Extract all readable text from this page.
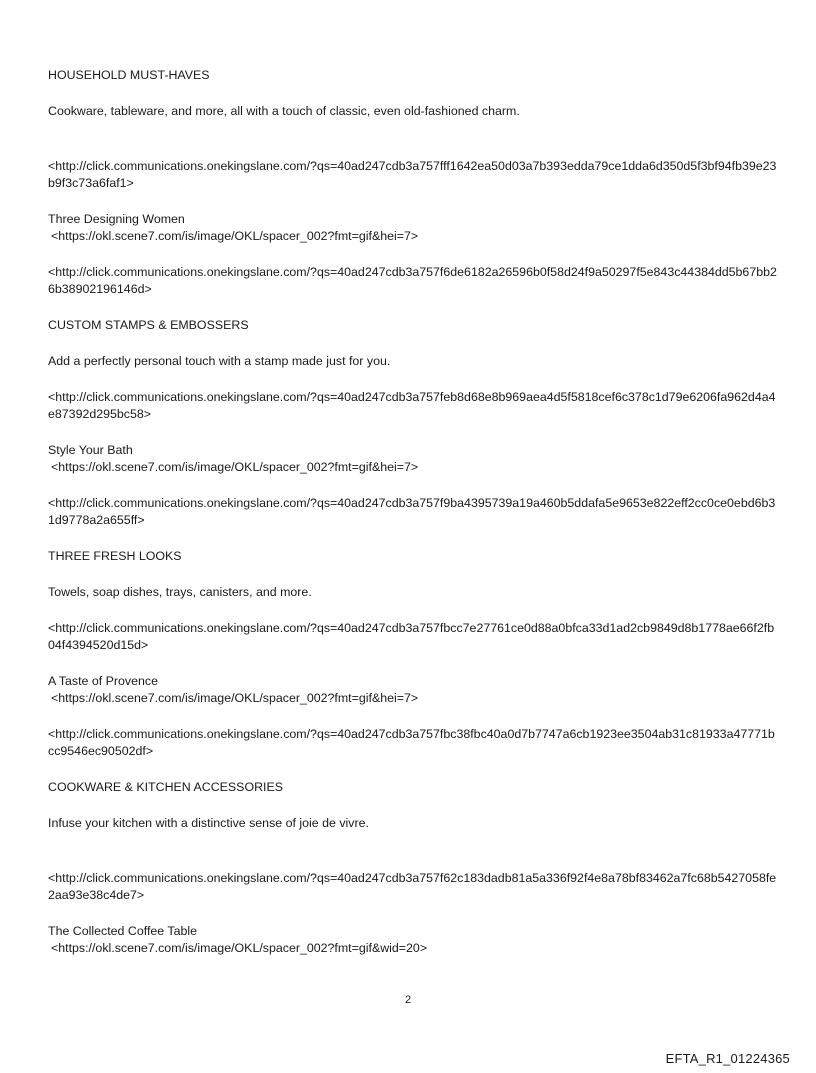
HOUSEHOLD MUST-HAVES
Cookware, tableware, and more, all with a touch of classic, even old-fashioned charm.
<http://click.communications.onekingslane.com/?qs=40ad247cdb3a757fff1642ea50d03a7b393edda79ce1dda6d350d5f3bf94fb39e23b9f3c73a6faf1>
Three Designing Women
<https://okl.scene7.com/is/image/OKL/spacer_002?fmt=gif&hei=7>
<http://click.communications.onekingslane.com/?qs=40ad247cdb3a757f6de6182a26596b0f58d24f9a50297f5e843c44384dd5b67bb26b38902196146d>
CUSTOM STAMPS & EMBOSSERS
Add a perfectly personal touch with a stamp made just for you.
<http://click.communications.onekingslane.com/?qs=40ad247cdb3a757feb8d68e8b969aea4d5f5818cef6c378c1d79e6206fa962d4a4e87392d295bc58>
Style Your Bath
<https://okl.scene7.com/is/image/OKL/spacer_002?fmt=gif&hei=7>
<http://click.communications.onekingslane.com/?qs=40ad247cdb3a757f9ba4395739a19a460b5ddafa5e9653e822eff2cc0ce0ebd6b31d9778a2a655ff>
THREE FRESH LOOKS
Towels, soap dishes, trays, canisters, and more.
<http://click.communications.onekingslane.com/?qs=40ad247cdb3a757fbcc7e27761ce0d88a0bfca33d1ad2cb9849d8b1778ae66f2fb04f4394520d15d>
A Taste of Provence
<https://okl.scene7.com/is/image/OKL/spacer_002?fmt=gif&hei=7>
<http://click.communications.onekingslane.com/?qs=40ad247cdb3a757fbc38fbc40a0d7b7747a6cb1923ee3504ab31c81933a47771bcc9546ec90502df>
COOKWARE & KITCHEN ACCESSORIES
Infuse your kitchen with a distinctive sense of joie de vivre.
<http://click.communications.onekingslane.com/?qs=40ad247cdb3a757f62c183dadb81a5a336f92f4e8a78bf83462a7fc68b5427058fe2aa93e38c4de7>
The Collected Coffee Table
<https://okl.scene7.com/is/image/OKL/spacer_002?fmt=gif&wid=20>
2
EFTA_R1_01224365
